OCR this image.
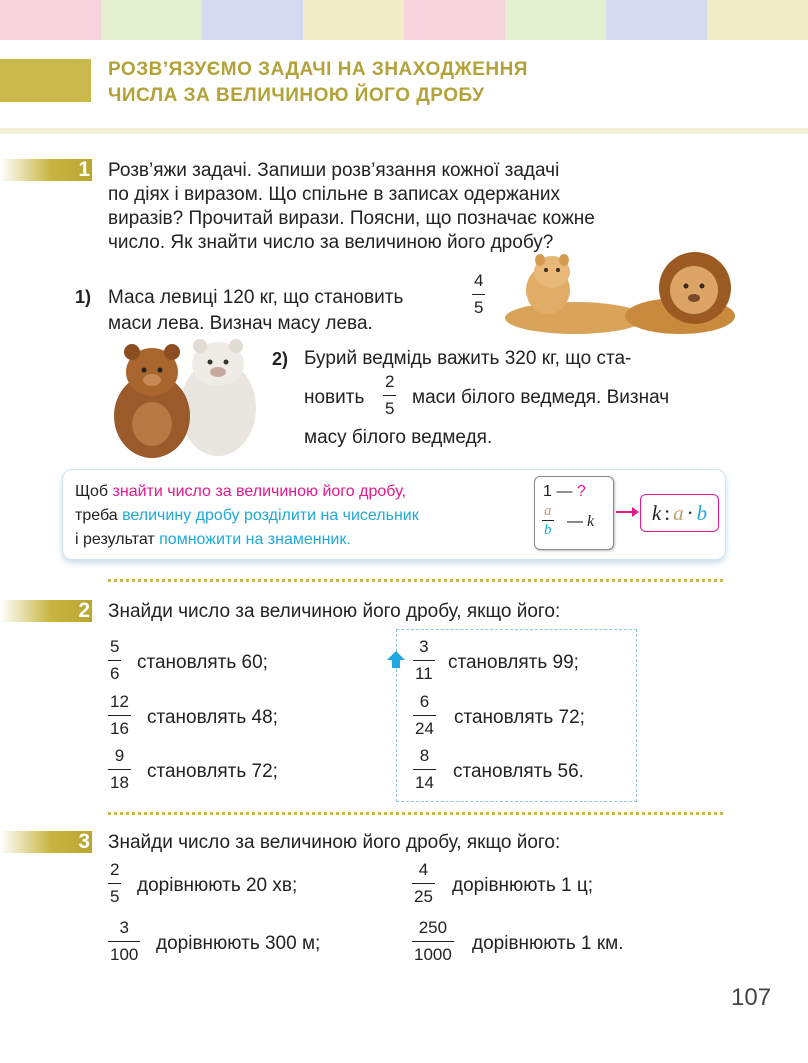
РОЗВ’ЯЗУЄМО ЗАДАЧІ НА ЗНАХОДЖЕННЯ
ЧИСЛА ЗА ВЕЛИЧИНОЮ ЙОГО ДРОБУ
1 Розв’яжи задачі. Запиши розв’язання кожної задачі
по діях і виразом. Що спільне в записах одержаних
виразів? Прочитай вирази. Поясни, що позначає кожне
число. Як знайти число за величиною його дробу?
1) Маса левиці 120 кг, що становить
маси лева. Визнач масу лева.
4
5
2) Бурий ведмідь важить 320 кг, що ста-
новить
2
5
маси білого ведмедя. Визнач
масу білого ведмедя.
Щоб знайти число за величиною його дробу,
треба величину дробу розділити на чисельник
і результат помножити на знаменник.
1 — ?
a
b — k	k : a · b
2 Знайди число за величиною його дробу, якщо його:
5
6
становлять 60;
12
16
становлять 48;
9
18
становлять 72;
3
11
становлять 99;
6
24
становлять 72;
8
14
становлять 56.
3 Знайди число за величиною його дробу, якщо його:
2
5
дорівнюють 20 хв;
4
25
дорівнюють 1 ц;
3
100
дорівнюють 300 м;
250
1000
дорівнюють 1 км.
107
